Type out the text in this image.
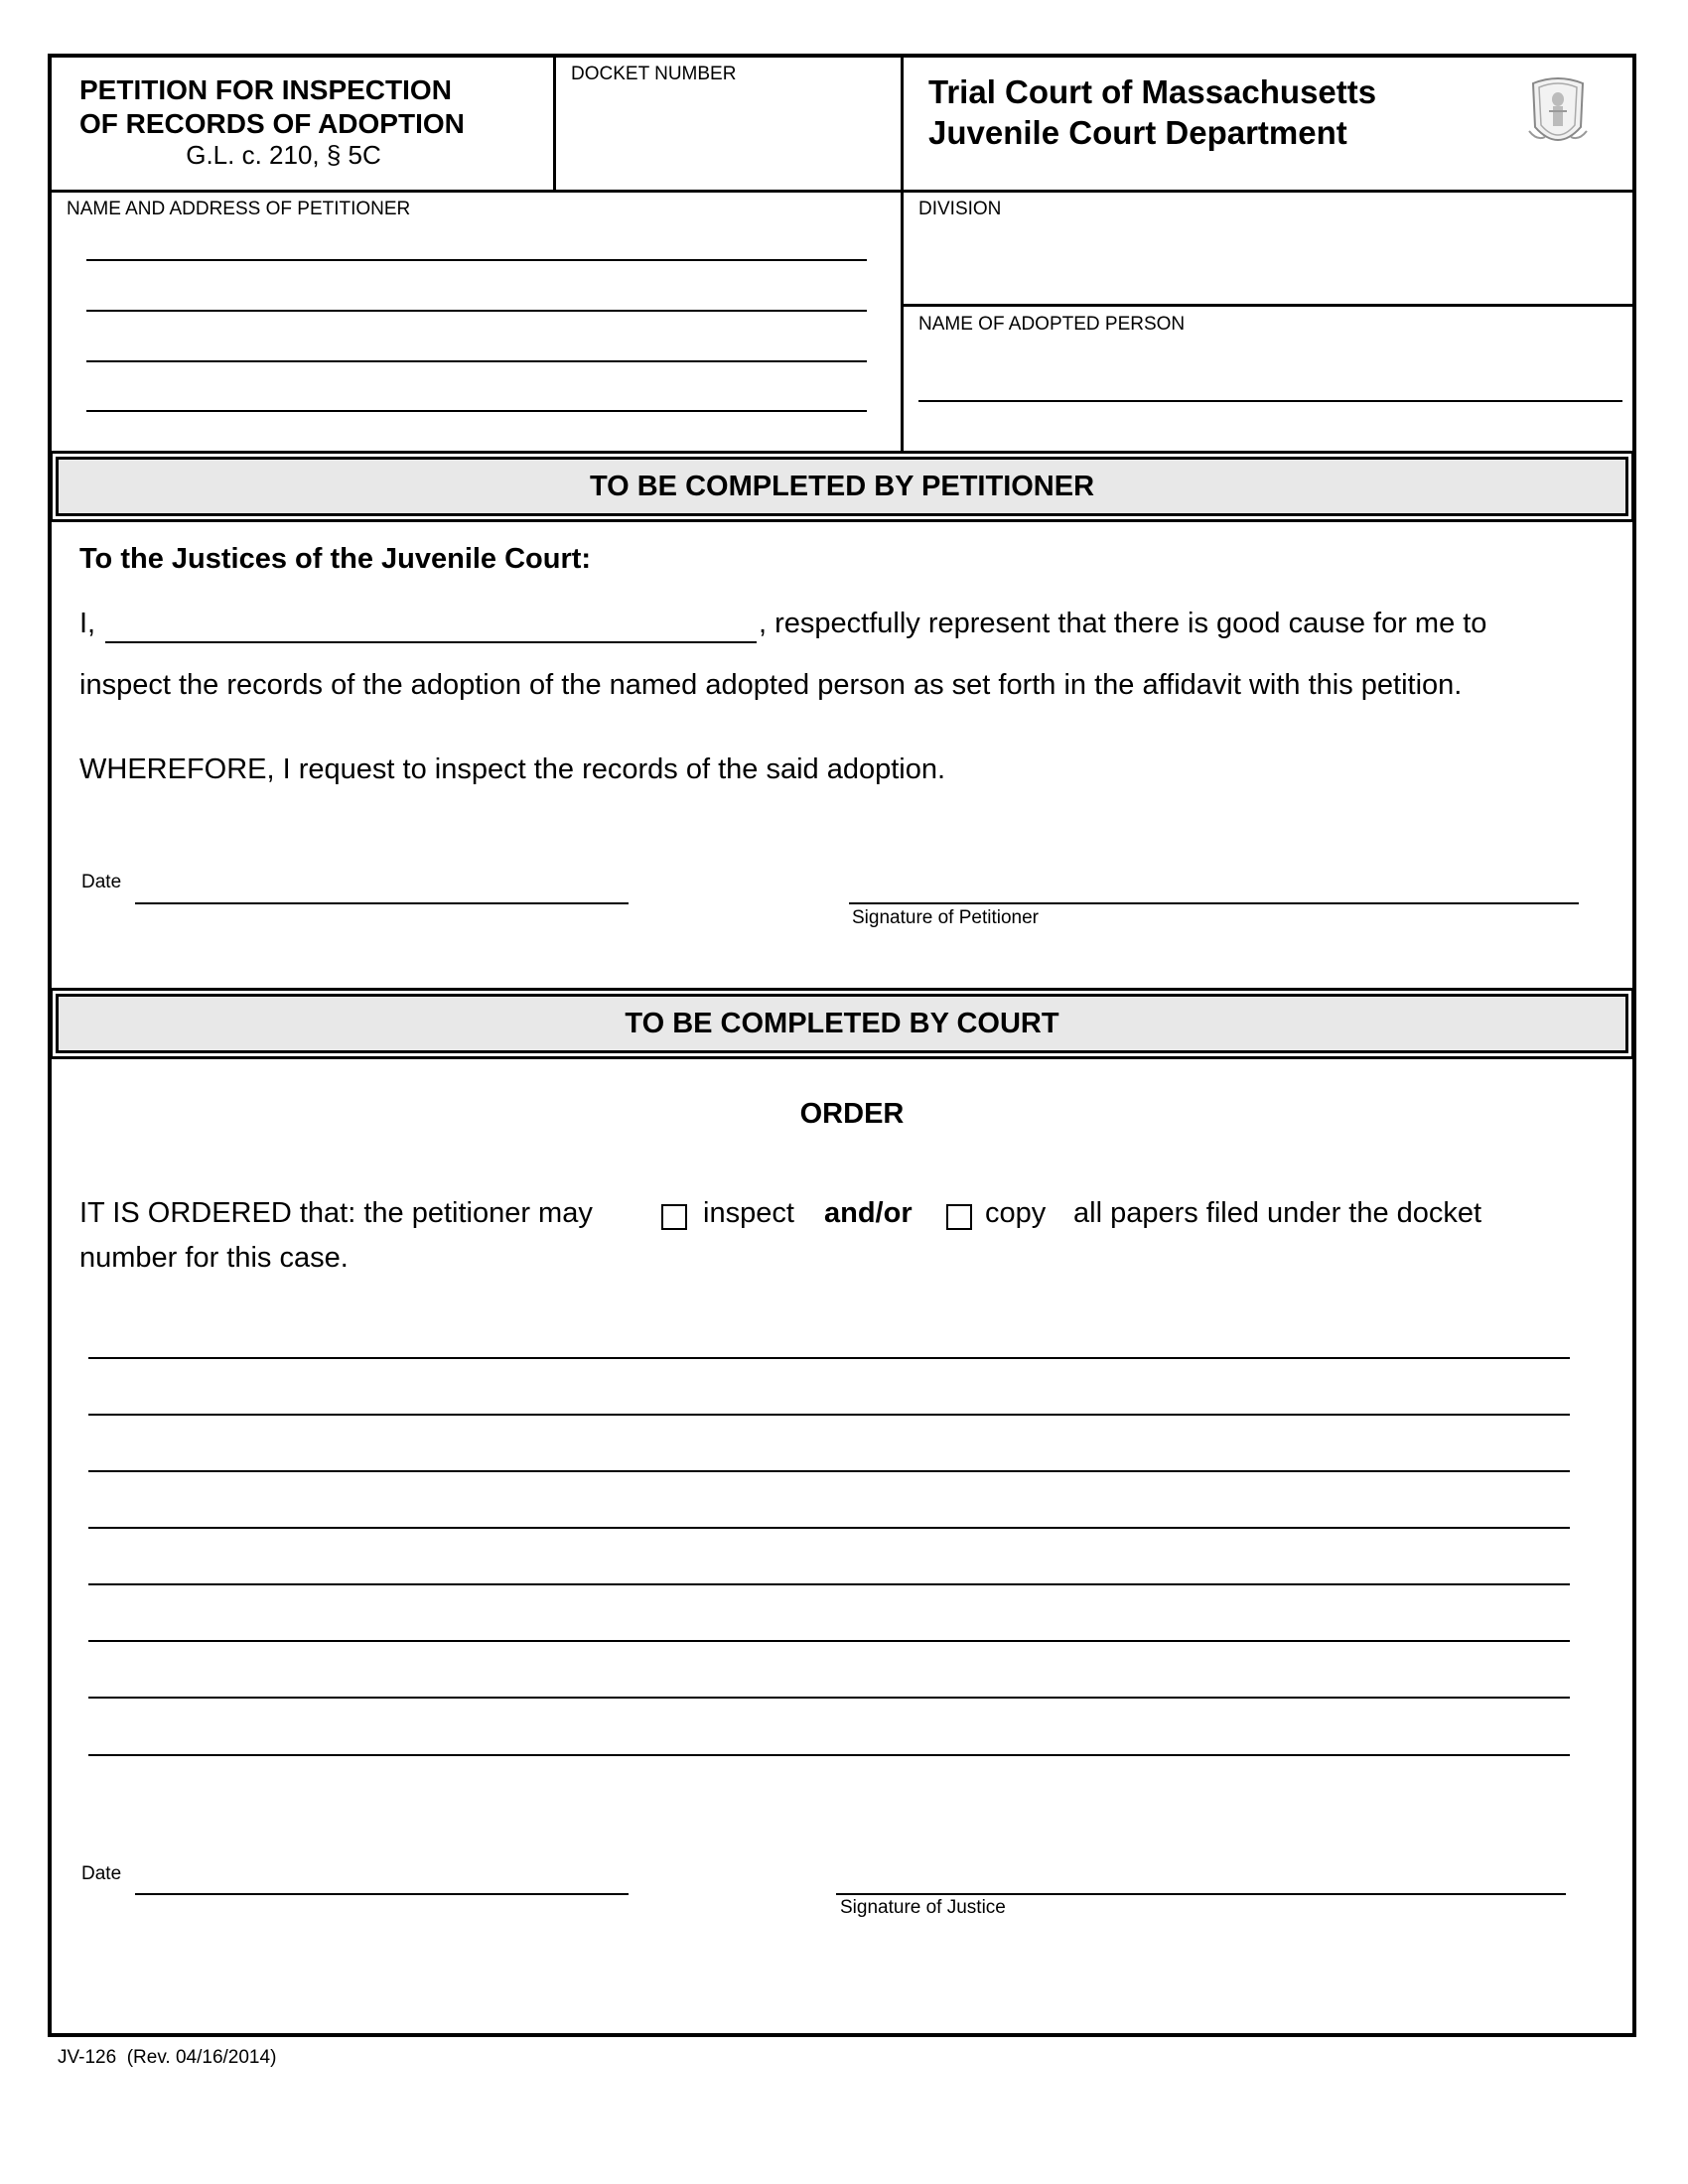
PETITION FOR INSPECTION
OF RECORDS OF ADOPTION
G.L. c. 210, § 5C
DOCKET NUMBER	Trial Court of Massachusetts
Juvenile Court Department
NAME AND ADDRESS OF PETITIONER	DIVISION
NAME OF ADOPTED PERSON
TO BE COMPLETED BY PETITIONER
To the Justices of the Juvenile Court:
I,	, respectfully represent that there is good cause for me to
inspect the records of the adoption of the named adopted person as set forth in the affidavit with this petition.
WHEREFORE, I request to inspect the records of the said adoption.
Date
Signature of Petitioner
TO BE COMPLETED BY COURT
ORDER
IT IS ORDERED that: the petitioner may	inspect and/or	copy all papers filed under the docket
number for this case.
Date
Signature of Justice
JV-126  (Rev. 04/16/2014)
